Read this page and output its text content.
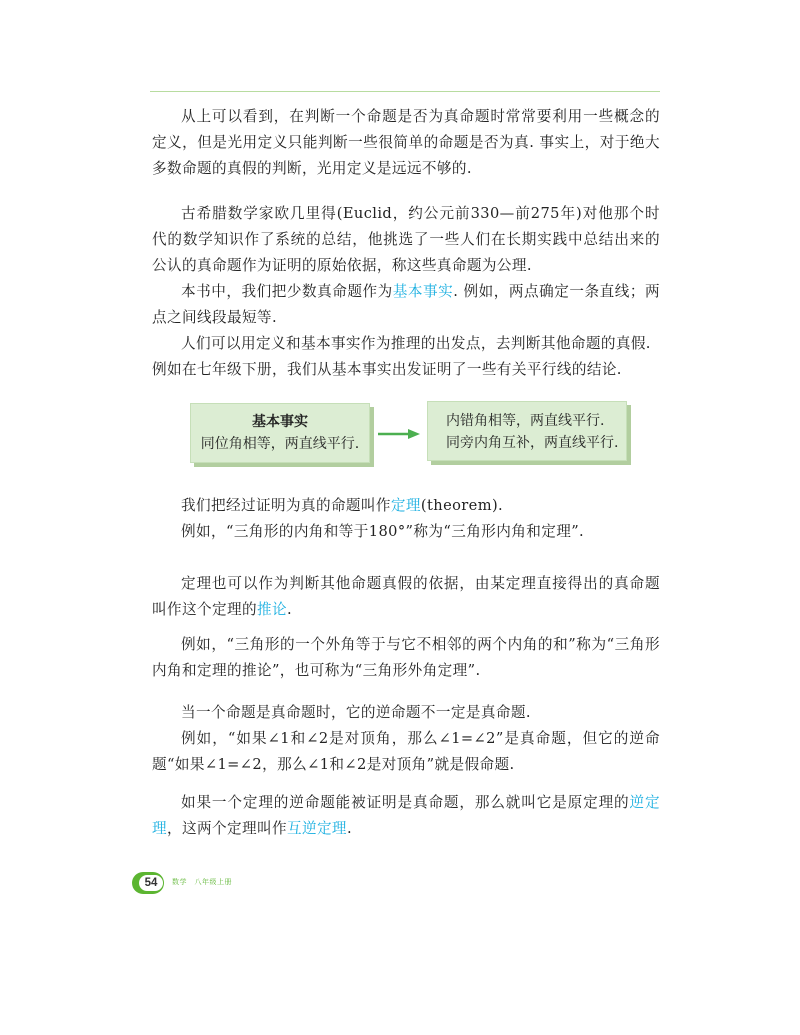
从上可以看到，在判断一个命题是否为真命题时常常要利用一些概念的定义，但是光用定义只能判断一些很简单的命题是否为真. 事实上，对于绝大多数命题的真假的判断，光用定义是远远不够的.

古希腊数学家欧几里得(Euclid，约公元前330—前275年)对他那个时代的数学知识作了系统的总结，他挑选了一些人们在长期实践中总结出来的公认的真命题作为证明的原始依据，称这些真命题为公理.

本书中，我们把少数真命题作为基本事实. 例如，两点确定一条直线；两点之间线段最短等.

人们可以用定义和基本事实作为推理的出发点，去判断其他命题的真假.

例如在七年级下册，我们从基本事实出发证明了一些有关平行线的结论.

基本事实
同位角相等，两直线平行.
内错角相等，两直线平行.
同旁内角互补，两直线平行.

我们把经过证明为真的命题叫作定理(theorem).

例如，“三角形的内角和等于180°”称为“三角形内角和定理”.

定理也可以作为判断其他命题真假的依据，由某定理直接得出的真命题叫作这个定理的推论.

例如，“三角形的一个外角等于与它不相邻的两个内角的和”称为“三角形内角和定理的推论”，也可称为“三角形外角定理”.

当一个命题是真命题时，它的逆命题不一定是真命题.

例如，“如果∠1和∠2是对顶角，那么∠1=∠2”是真命题，但它的逆命题“如果∠1=∠2，那么∠1和∠2是对顶角”就是假命题.

如果一个定理的逆命题能被证明是真命题，那么就叫它是原定理的逆定理，这两个定理叫作互逆定理.

54	数学　八年级上册
